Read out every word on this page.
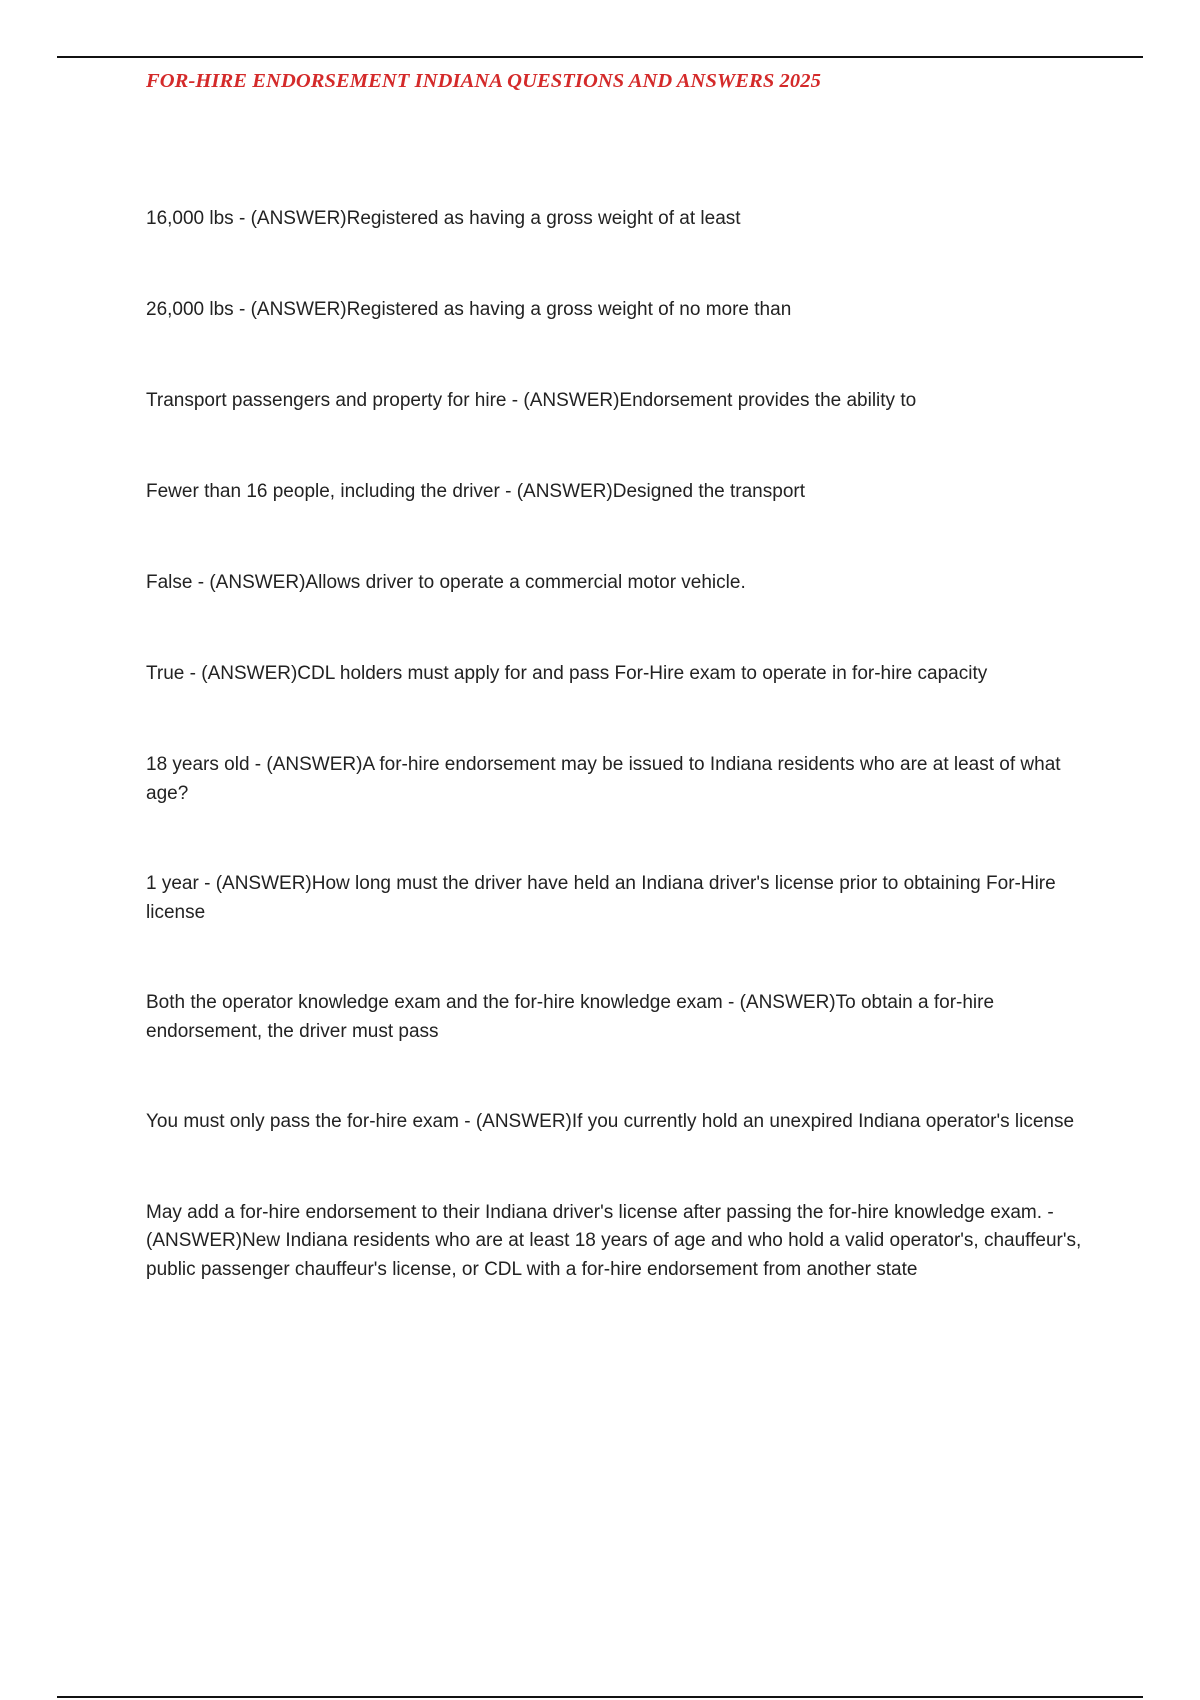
FOR-HIRE ENDORSEMENT INDIANA QUESTIONS AND ANSWERS 2025
16,000 lbs - (ANSWER)Registered as having a gross weight of at least
26,000 lbs - (ANSWER)Registered as having a gross weight of no more than
Transport passengers and property for hire - (ANSWER)Endorsement provides the ability to
Fewer than 16 people, including the driver - (ANSWER)Designed the transport
False - (ANSWER)Allows driver to operate a commercial motor vehicle.
True - (ANSWER)CDL holders must apply for and pass For-Hire exam to operate in for-hire capacity
18 years old - (ANSWER)A for-hire endorsement may be issued to Indiana residents who are at least of what age?
1 year - (ANSWER)How long must the driver have held an Indiana driver's license prior to obtaining For-Hire license
Both the operator knowledge exam and the for-hire knowledge exam - (ANSWER)To obtain a for-hire endorsement, the driver must pass
You must only pass the for-hire exam - (ANSWER)If you currently hold an unexpired Indiana operator's license
May add a for-hire endorsement to their Indiana driver's license after passing the for-hire knowledge exam. - (ANSWER)New Indiana residents who are at least 18 years of age and who hold a valid operator's, chauffeur's, public passenger chauffeur's license, or CDL with a for-hire endorsement from another state
